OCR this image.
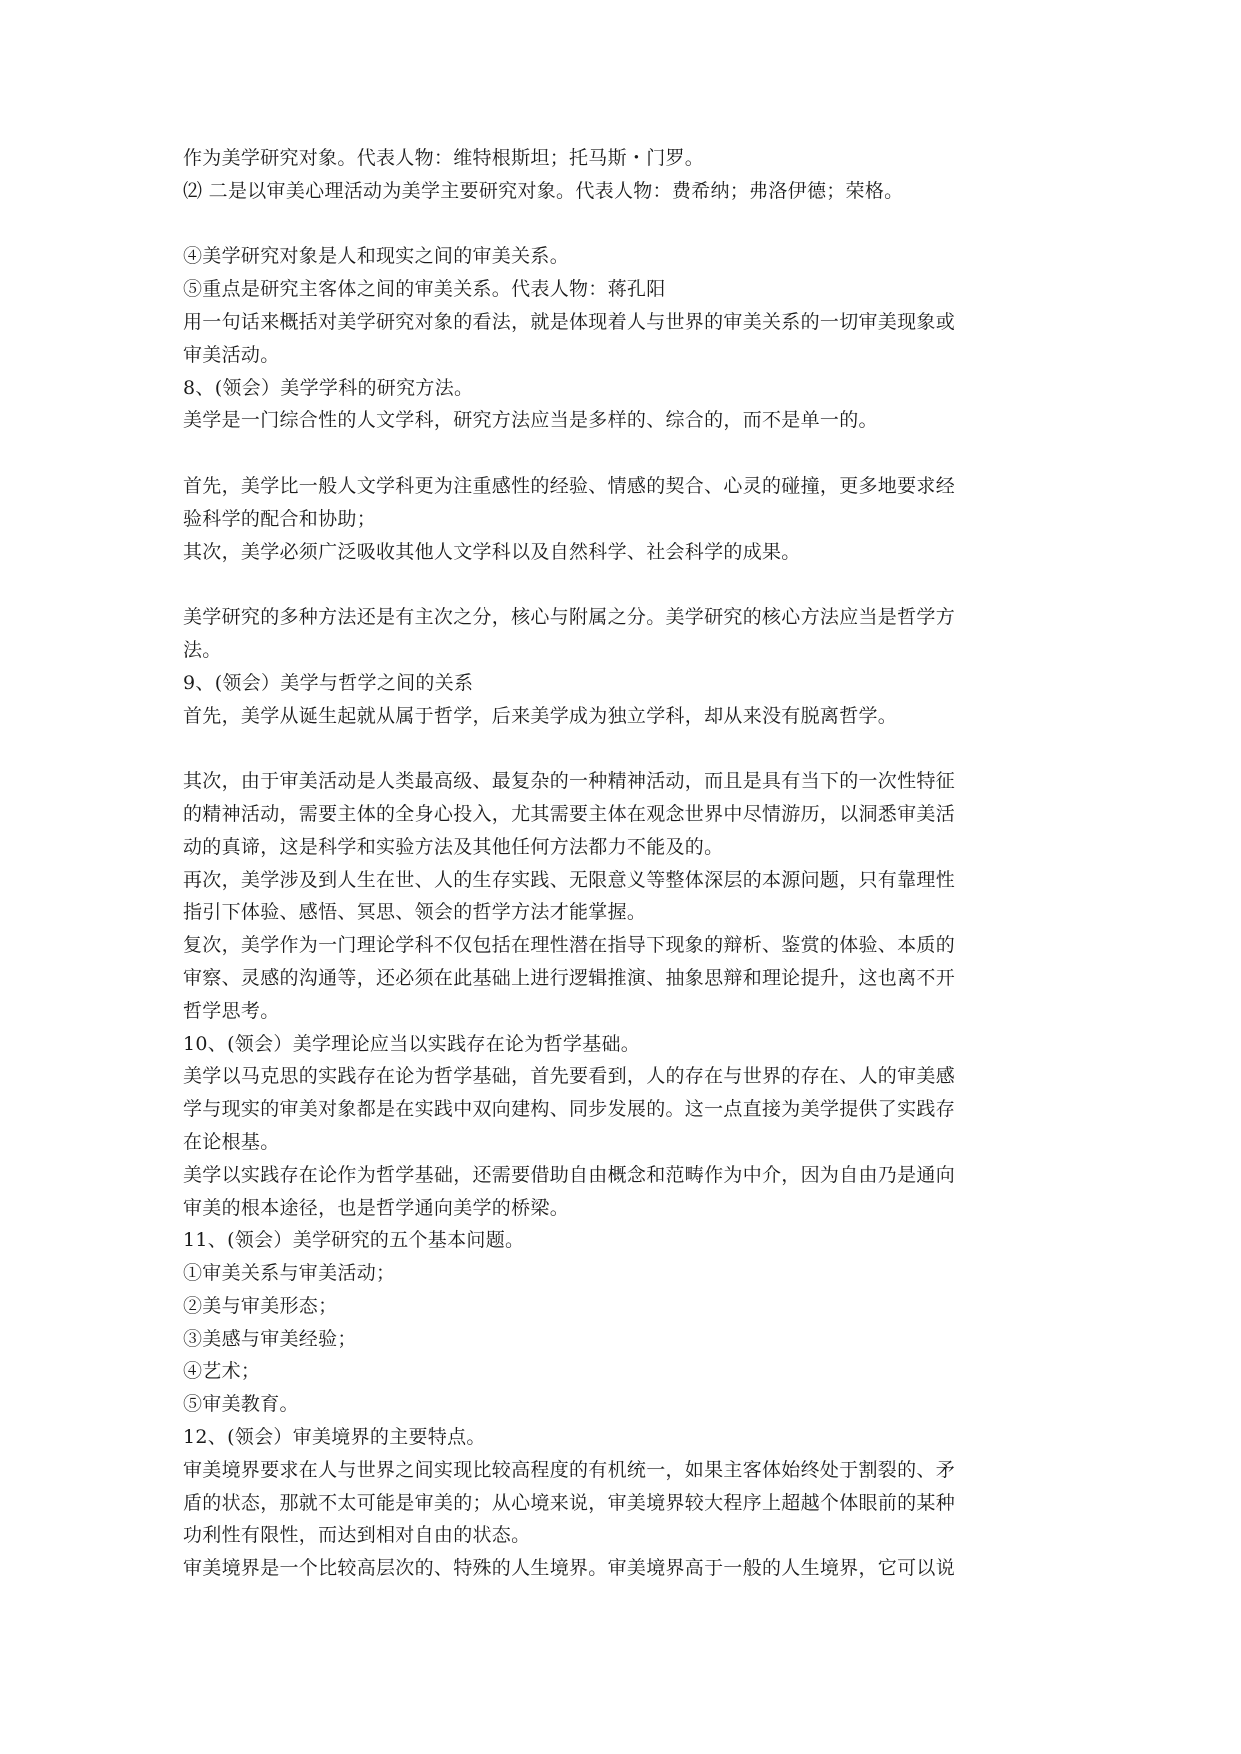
作为美学研究对象。代表人物：维特根斯坦；托马斯・门罗。
⑵ 二是以审美心理活动为美学主要研究对象。代表人物：费希纳；弗洛伊德；荣格。
④美学研究对象是人和现实之间的审美关系。
⑤重点是研究主客体之间的审美关系。代表人物：蒋孔阳
用一句话来概括对美学研究对象的看法，就是体现着人与世界的审美关系的一切审美现象或
审美活动。
8、(领会）美学学科的研究方法。
美学是一门综合性的人文学科，研究方法应当是多样的、综合的，而不是单一的。
首先，美学比一般人文学科更为注重感性的经验、情感的契合、心灵的碰撞，更多地要求经
验科学的配合和协助；
其次，美学必须广泛吸收其他人文学科以及自然科学、社会科学的成果。
美学研究的多种方法还是有主次之分，核心与附属之分。美学研究的核心方法应当是哲学方
法。
9、(领会）美学与哲学之间的关系
首先，美学从诞生起就从属于哲学，后来美学成为独立学科，却从来没有脱离哲学。
其次，由于审美活动是人类最高级、最复杂的一种精神活动，而且是具有当下的一次性特征
的精神活动，需要主体的全身心投入，尤其需要主体在观念世界中尽情游历，以洞悉审美活
动的真谛，这是科学和实验方法及其他任何方法都力不能及的。
再次，美学涉及到人生在世、人的生存实践、无限意义等整体深层的本源问题，只有靠理性
指引下体验、感悟、冥思、领会的哲学方法才能掌握。
复次，美学作为一门理论学科不仅包括在理性潜在指导下现象的辩析、鉴赏的体验、本质的
审察、灵感的沟通等，还必须在此基础上进行逻辑推演、抽象思辩和理论提升，这也离不开
哲学思考。
10、(领会）美学理论应当以实践存在论为哲学基础。
美学以马克思的实践存在论为哲学基础，首先要看到，人的存在与世界的存在、人的审美感
学与现实的审美对象都是在实践中双向建构、同步发展的。这一点直接为美学提供了实践存
在论根基。
美学以实践存在论作为哲学基础，还需要借助自由概念和范畴作为中介，因为自由乃是通向
审美的根本途径，也是哲学通向美学的桥梁。
11、(领会）美学研究的五个基本问题。
①审美关系与审美活动；
②美与审美形态；
③美感与审美经验；
④艺术；
⑤审美教育。
12、(领会）审美境界的主要特点。
审美境界要求在人与世界之间实现比较高程度的有机统一，如果主客体始终处于割裂的、矛
盾的状态，那就不太可能是审美的；从心境来说，审美境界较大程序上超越个体眼前的某种
功利性有限性，而达到相对自由的状态。
审美境界是一个比较高层次的、特殊的人生境界。审美境界高于一般的人生境界，它可以说
